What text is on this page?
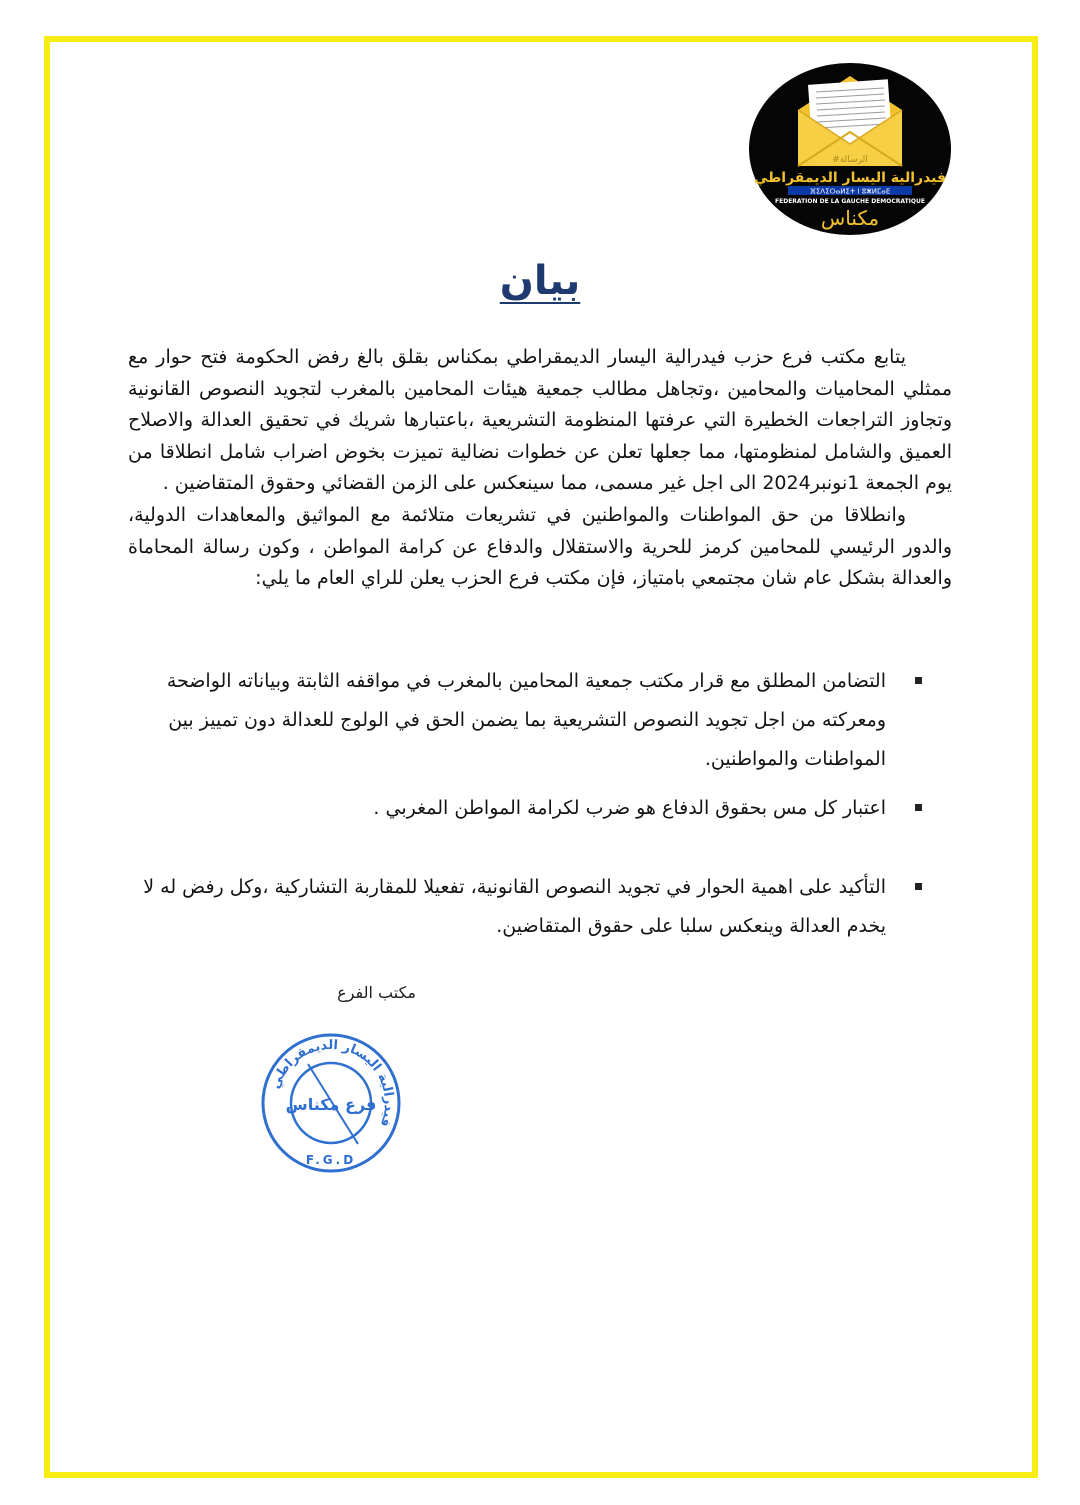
#الرسالة
فيدرالية اليسار الديمقراطي
ⴼⵉⴷⵉⵔⴰⵍⵉⵜ ⵏ ⵓⵥⵍⵎⴰⴹ
FEDERATION DE LA GAUCHE DEMOCRATIQUE
مكناس
بيان

يتابع مكتب فرع حزب فيدرالية اليسار الديمقراطي بمكناس بقلق بالغ رفض الحكومة فتح حوار مع ممثلي المحاميات والمحامين ،وتجاهل مطالب جمعية هيئات المحامين بالمغرب لتجويد النصوص القانونية وتجاوز التراجعات الخطيرة التي عرفتها المنظومة التشريعية ،باعتبارها شريك في تحقيق العدالة والاصلاح العميق والشامل لمنظومتها، مما جعلها تعلن عن خطوات نضالية تميزت بخوض اضراب شامل انطلاقا من يوم الجمعة 1نونبر2024 الى اجل غير مسمى، مما سينعكس على الزمن القضائي وحقوق المتقاضين .

وانطلاقا من حق المواطنات والمواطنين في تشريعات متلائمة مع المواثيق والمعاهدات الدولية، والدور الرئيسي للمحامين كرمز للحرية والاستقلال والدفاع عن كرامة المواطن ، وكون رسالة المحاماة والعدالة بشكل عام شان مجتمعي بامتياز، فإن مكتب فرع الحزب يعلن للراي العام ما يلي:

التضامن المطلق مع قرار مكتب جمعية المحامين بالمغرب في مواقفه الثابتة وبياناته الواضحة ومعركته من اجل تجويد النصوص التشريعية بما يضمن الحق في الولوج للعدالة دون تمييز بين المواطنات والمواطنين.
اعتبار كل مس بحقوق الدفاع هو ضرب لكرامة المواطن المغربي .
التأكيد على اهمية الحوار في تجويد النصوص القانونية، تفعيلا للمقاربة التشاركية ،وكل رفض له لا يخدم العدالة وينعكس سلبا على حقوق المتقاضين.
مكتب الفرع
فيدرالية اليسار الديمقراطي
فرع مكناس
F.G.D
